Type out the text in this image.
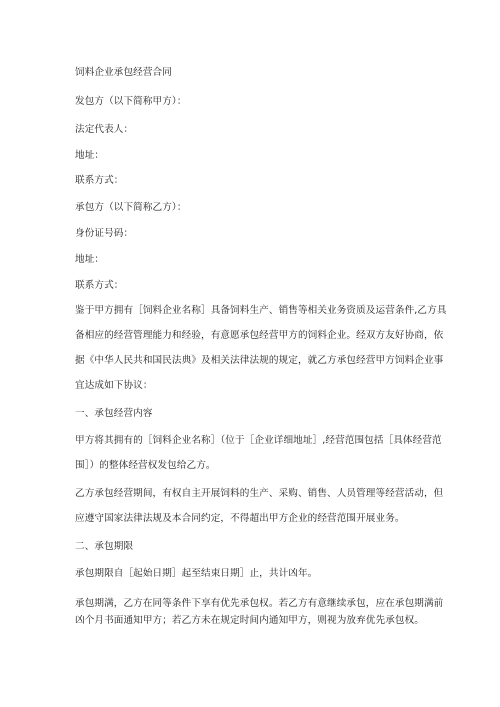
饲料企业承包经营合同
发包方（以下简称甲方）：
法定代表人：
地址：
联系方式：
承包方（以下简称乙方）：
身份证号码：
地址：
联系方式：
鉴于甲方拥有［饲料企业名称］具备饲料生产、销售等相关业务资质及运营条件,乙方具
备相应的经营管理能力和经验，有意愿承包经营甲方的饲料企业。经双方友好协商，依
据《中华人民共和国民法典》及相关法律法规的规定，就乙方承包经营甲方饲料企业事
宜达成如下协议：
一、承包经营内容
甲方将其拥有的［饲料企业名称］（位于［企业详细地址］,经营范围包括［具体经营范
围］）的整体经营权发包给乙方。
乙方承包经营期间，有权自主开展饲料的生产、采购、销售、人员管理等经营活动，但
应遵守国家法律法规及本合同约定，不得超出甲方企业的经营范围开展业务。
二、承包期限
承包期限自［起始日期］起至结束日期］止，共计凶年。
承包期满，乙方在同等条件下享有优先承包权。若乙方有意继续承包，应在承包期满前
凶个月书面通知甲方；若乙方未在规定时间内通知甲方，则视为放弃优先承包权。
